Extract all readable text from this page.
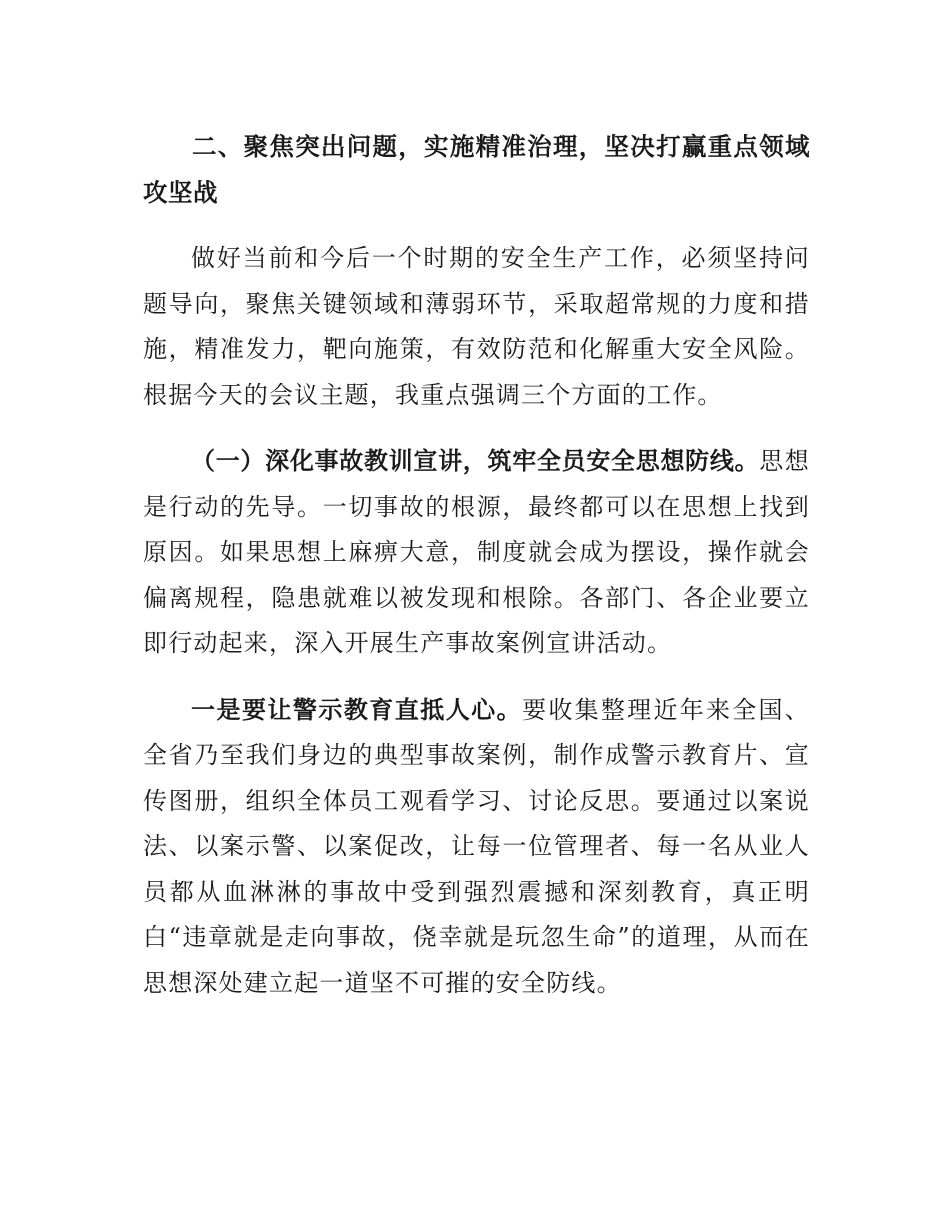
二、聚焦突出问题，实施精准治理，坚决打赢重点领域攻坚战

做好当前和今后一个时期的安全生产工作，必须坚持问题导向，聚焦关键领域和薄弱环节，采取超常规的力度和措施，精准发力，靶向施策，有效防范和化解重大安全风险。根据今天的会议主题，我重点强调三个方面的工作。

（一）深化事故教训宣讲，筑牢全员安全思想防线。思想是行动的先导。一切事故的根源，最终都可以在思想上找到原因。如果思想上麻痹大意，制度就会成为摆设，操作就会偏离规程，隐患就难以被发现和根除。各部门、各企业要立即行动起来，深入开展生产事故案例宣讲活动。

一是要让警示教育直抵人心。要收集整理近年来全国、全省乃至我们身边的典型事故案例，制作成警示教育片、宣传图册，组织全体员工观看学习、讨论反思。要通过以案说法、以案示警、以案促改，让每一位管理者、每一名从业人员都从血淋淋的事故中受到强烈震撼和深刻教育，真正明白“违章就是走向事故，侥幸就是玩忽生命”的道理，从而在思想深处建立起一道坚不可摧的安全防线。
